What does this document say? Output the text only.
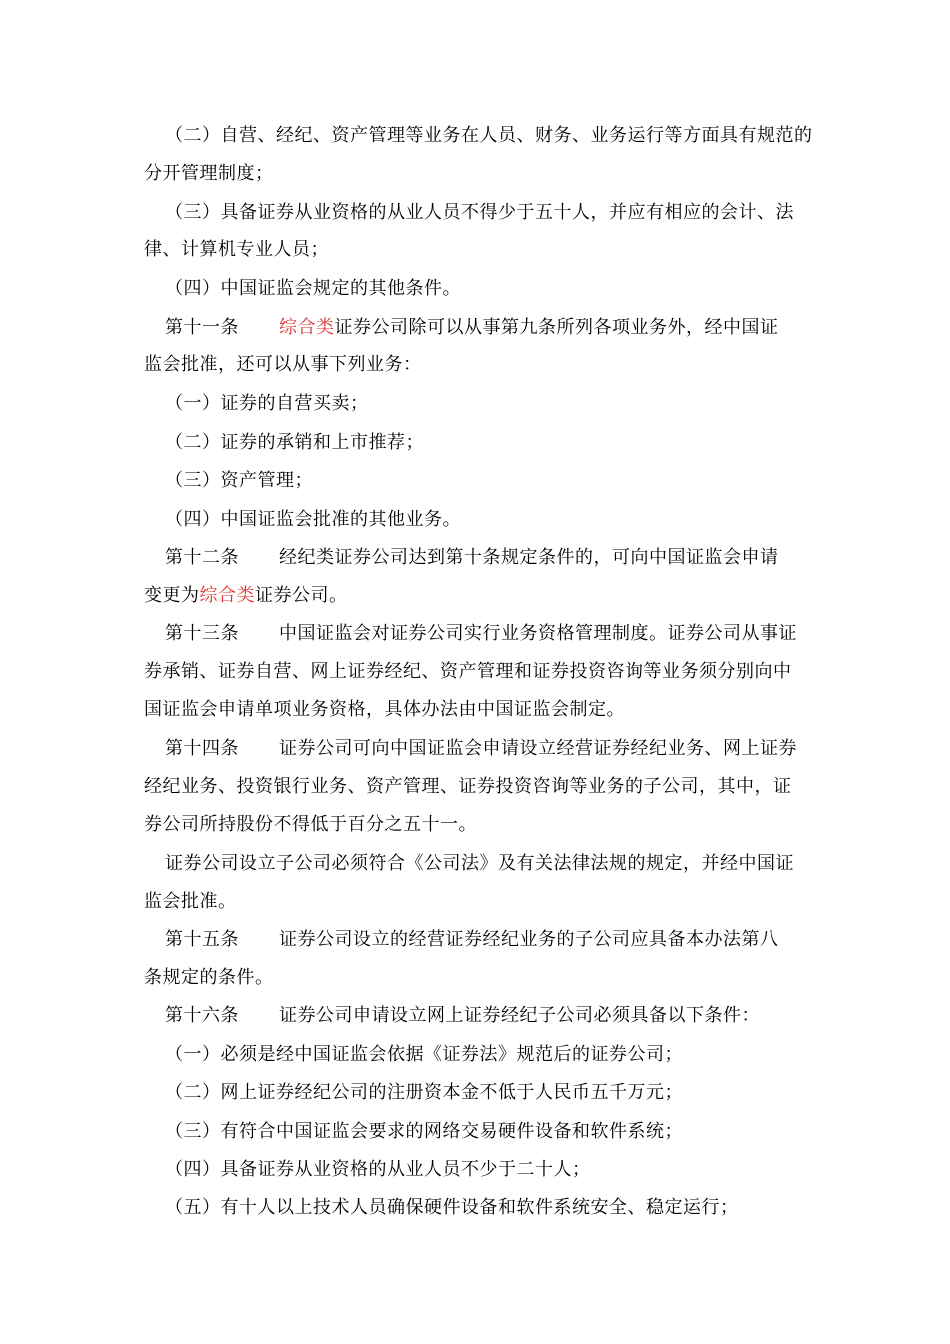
（二）自营、经纪、资产管理等业务在人员、财务、业务运行等方面具有规范的
分开管理制度；
（三）具备证券从业资格的从业人员不得少于五十人，并应有相应的会计、法
律、计算机专业人员；
（四）中国证监会规定的其他条件。
第十一条 综合类证券公司除可以从事第九条所列各项业务外，经中国证
监会批准，还可以从事下列业务：
（一）证券的自营买卖；
（二）证券的承销和上市推荐；
（三）资产管理；
（四）中国证监会批准的其他业务。
第十二条 经纪类证券公司达到第十条规定条件的，可向中国证监会申请
变更为综合类证券公司。
第十三条 中国证监会对证券公司实行业务资格管理制度。证券公司从事证
券承销、证券自营、网上证券经纪、资产管理和证券投资咨询等业务须分别向中
国证监会申请单项业务资格，具体办法由中国证监会制定。
第十四条 证券公司可向中国证监会申请设立经营证券经纪业务、网上证券
经纪业务、投资银行业务、资产管理、证券投资咨询等业务的子公司，其中，证
券公司所持股份不得低于百分之五十一。
证券公司设立子公司必须符合《公司法》及有关法律法规的规定，并经中国证
监会批准。
第十五条 证券公司设立的经营证券经纪业务的子公司应具备本办法第八
条规定的条件。
第十六条 证券公司申请设立网上证券经纪子公司必须具备以下条件：
（一）必须是经中国证监会依据《证券法》规范后的证券公司；
（二）网上证券经纪公司的注册资本金不低于人民币五千万元；
（三）有符合中国证监会要求的网络交易硬件设备和软件系统；
（四）具备证券从业资格的从业人员不少于二十人；
（五）有十人以上技术人员确保硬件设备和软件系统安全、稳定运行；
